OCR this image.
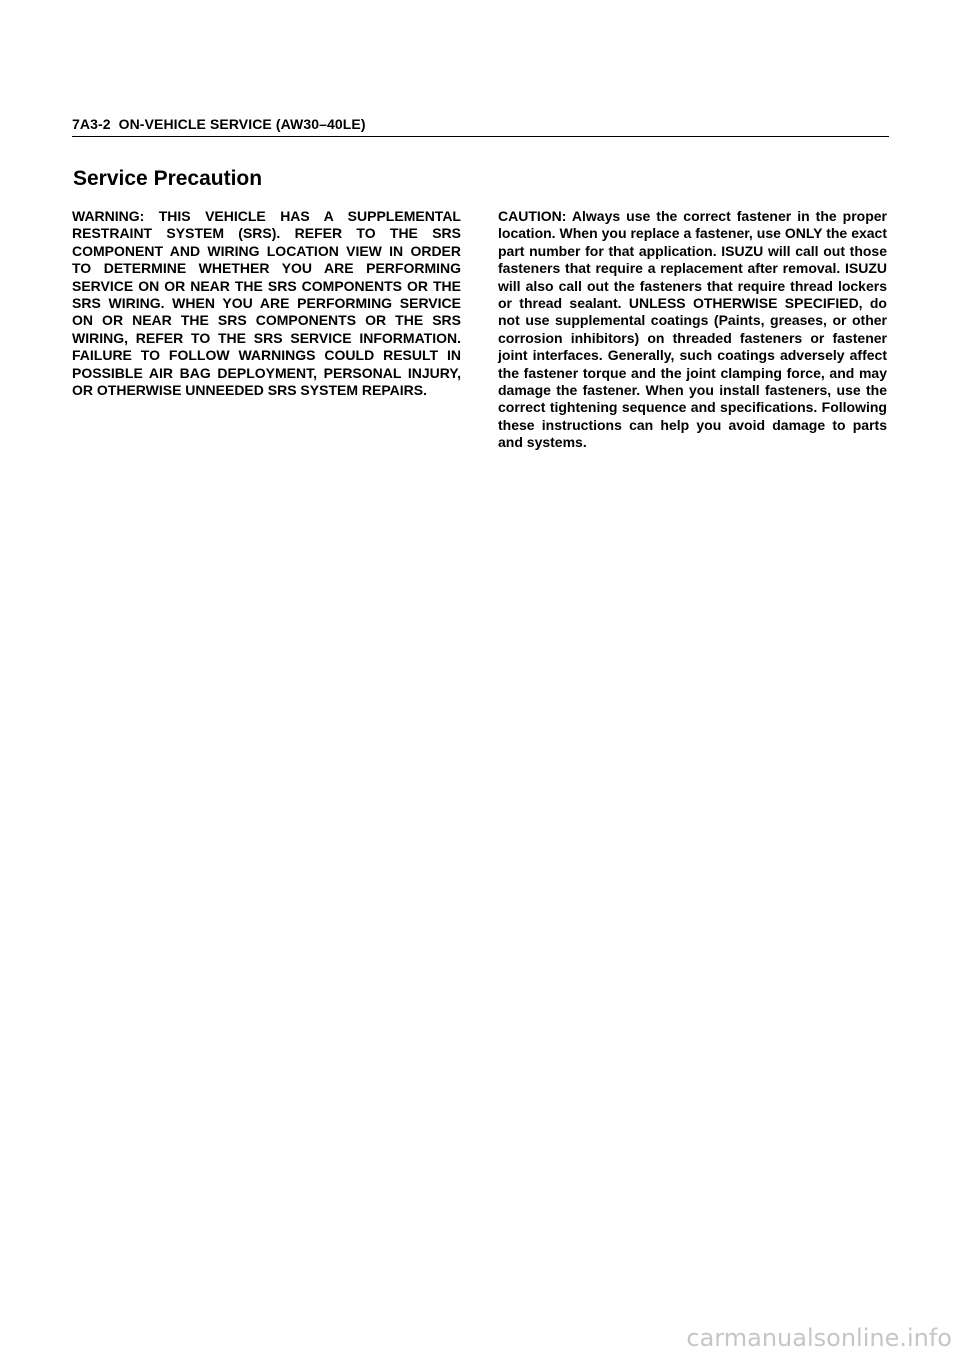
7A3-2  ON-VEHICLE SERVICE (AW30–40LE)
Service Precaution

WARNING: THIS VEHICLE HAS A SUPPLEMENTAL RESTRAINT SYSTEM (SRS). REFER TO THE SRS COMPONENT AND WIRING LOCATION VIEW IN ORDER TO DETERMINE WHETHER YOU ARE PERFORMING SERVICE ON OR NEAR THE SRS COMPONENTS OR THE SRS WIRING. WHEN YOU ARE PERFORMING SERVICE ON OR NEAR THE SRS COMPONENTS OR THE SRS WIRING, REFER TO THE SRS SERVICE INFORMATION. FAILURE TO FOLLOW WARNINGS COULD RESULT IN POSSIBLE AIR BAG DEPLOYMENT, PERSONAL INJURY, OR OTHERWISE UNNEEDED SRS SYSTEM REPAIRS.

CAUTION: Always use the correct fastener in the proper location. When you replace a fastener, use ONLY the exact part number for that application. ISUZU will call out those fasteners that require a replacement after removal. ISUZU will also call out the fasteners that require thread lockers or thread sealant. UNLESS OTHERWISE SPECIFIED, do not use supplemental coatings (Paints, greases, or other corrosion inhibitors) on threaded fasteners or fastener joint interfaces. Generally, such coatings adversely affect the fastener torque and the joint clamping force, and may damage the fastener. When you install fasteners, use the correct tightening sequence and specifications. Following these instructions can help you avoid damage to parts and systems.

carmanualsonline.info
